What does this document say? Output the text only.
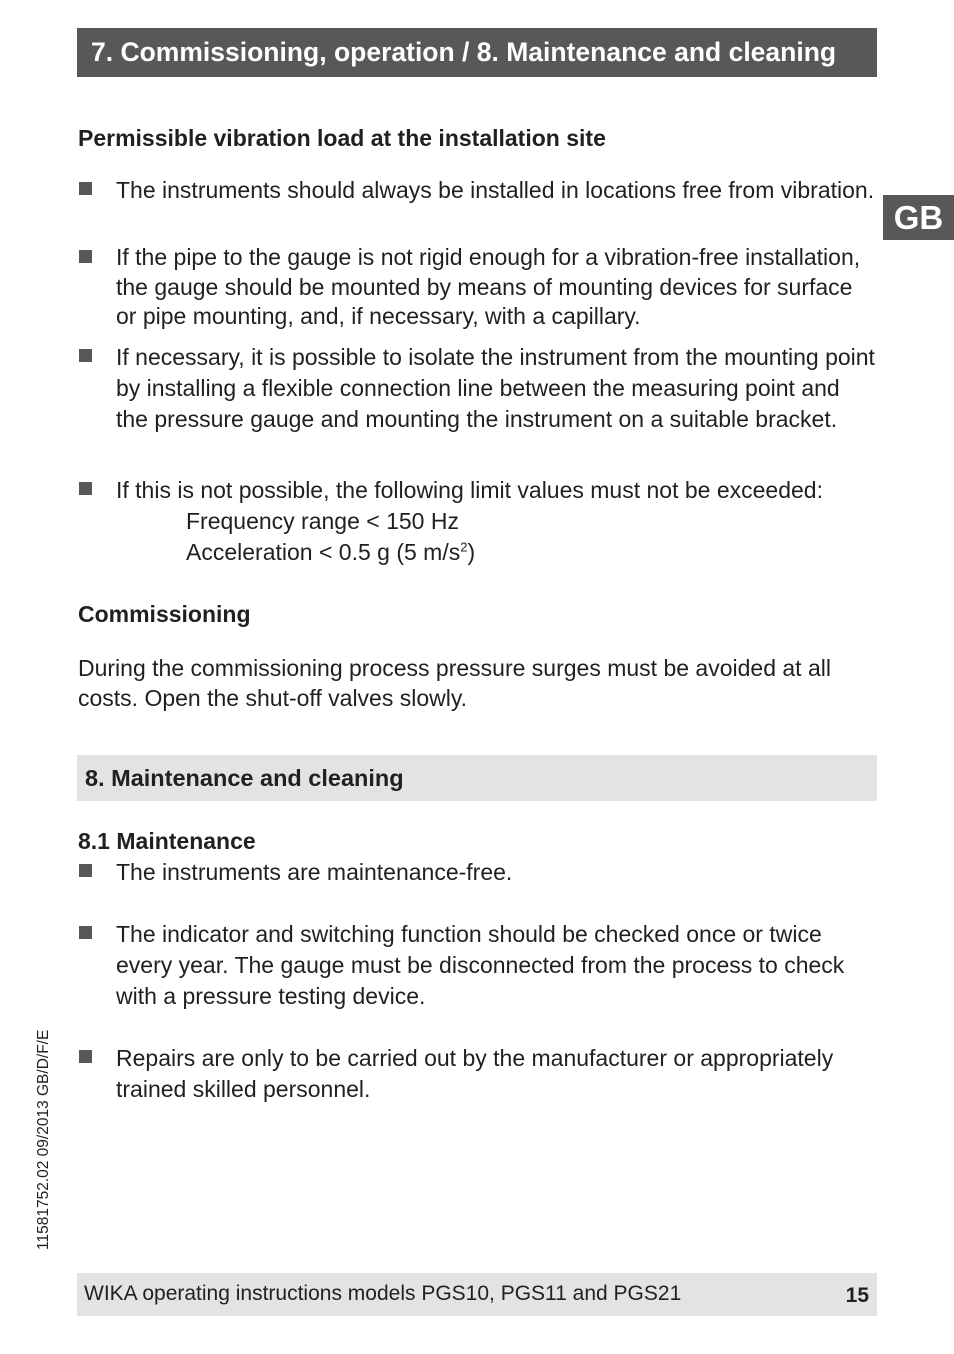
7. Commissioning, operation / 8. Maintenance and cleaning
GB
Permissible vibration load at the installation site
The instruments should always be installed in locations free from vibration.
If the pipe to the gauge is not rigid enough for a vibration-free installation, the gauge should be mounted by means of mounting devices for surface or pipe mounting, and, if necessary, with a capillary.
If necessary, it is possible to isolate the instrument from the mounting point by installing a flexible connection line between the measuring point and the pressure gauge and mounting the instrument on a suitable bracket.
If this is not possible, the following limit values must not be exceeded:
Frequency range < 150 Hz
Acceleration < 0.5 g (5 $m/s^2$)
Commissioning
During the commissioning process pressure surges must be avoided at all costs. Open the shut-off valves slowly.
8. Maintenance and cleaning
8.1 Maintenance
The instruments are maintenance-free.
The indicator and switching function should be checked once or twice every year. The gauge must be disconnected from the process to check with a pressure testing device.
Repairs are only to be carried out by the manufacturer or appropriately trained skilled personnel.
11581752.02 09/2013 GB/D/F/E
WIKA operating instructions models PGS10, PGS11 and PGS21	15
